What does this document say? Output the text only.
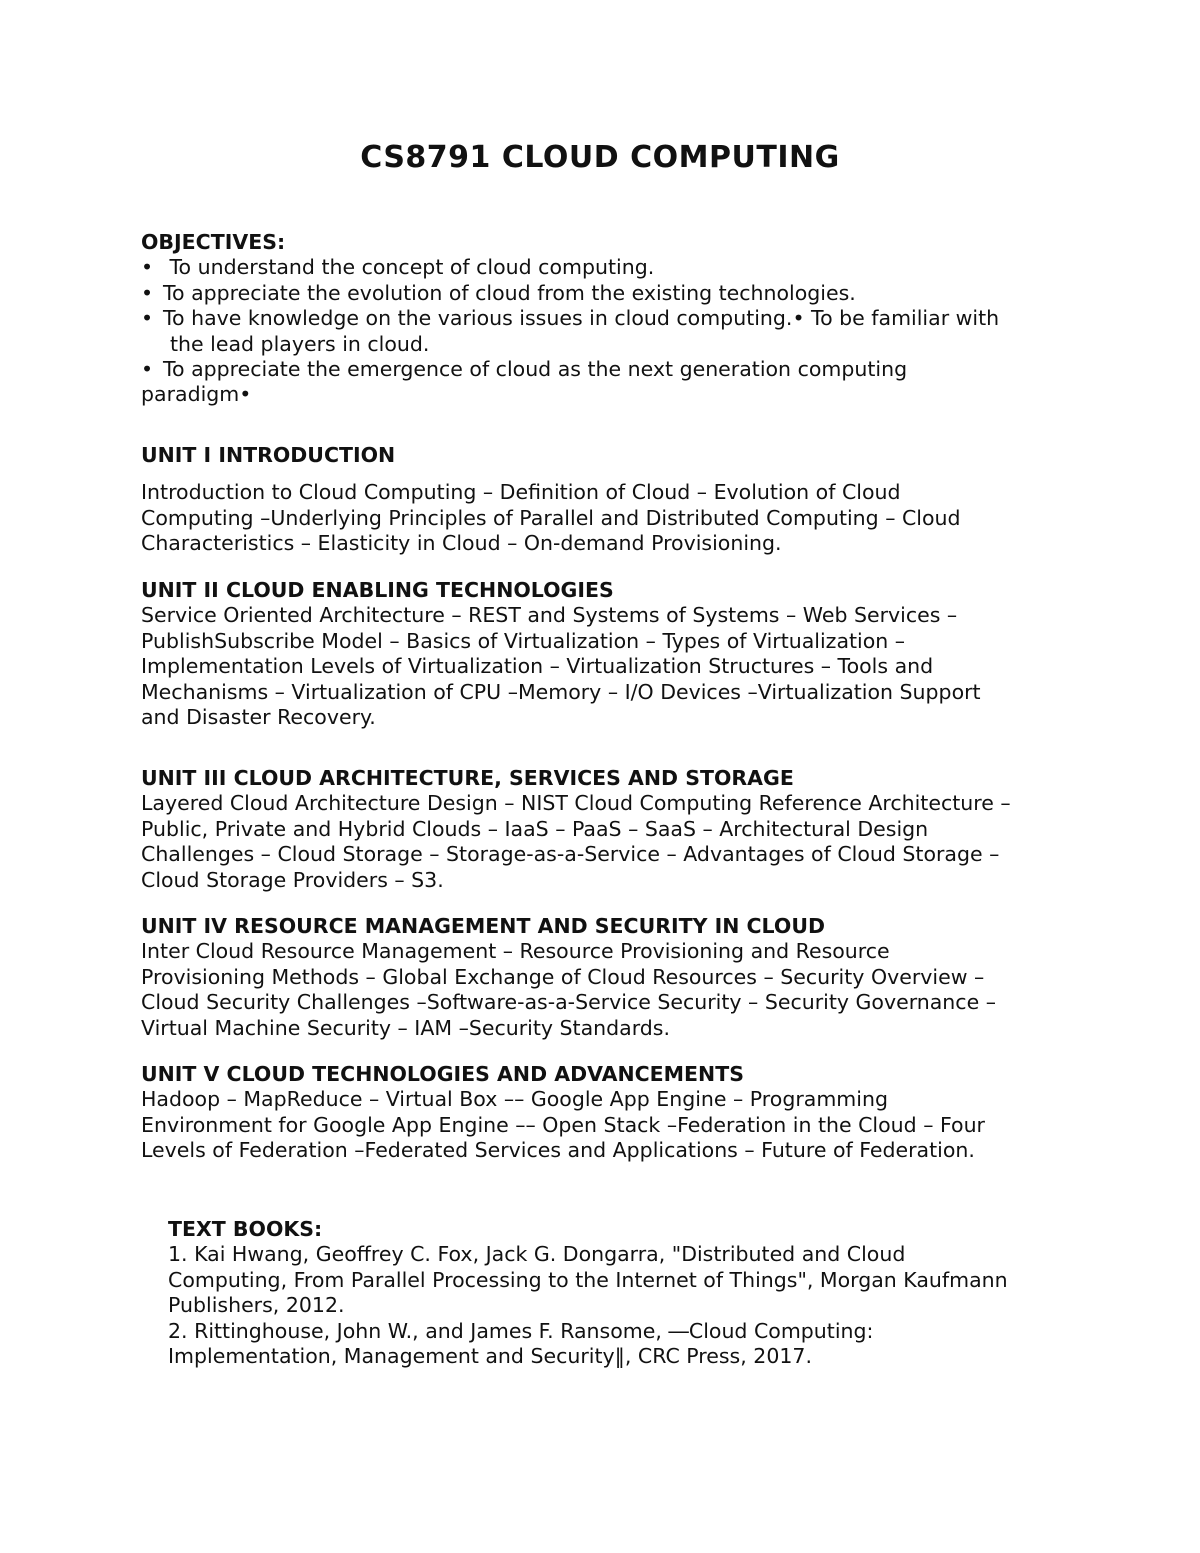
CS8791 CLOUD COMPUTING
OBJECTIVES:
• To understand the concept of cloud computing.
• To appreciate the evolution of cloud from the existing technologies.
• To have knowledge on the various issues in cloud computing.• To be familiar with
the lead players in cloud.
• To appreciate the emergence of cloud as the next generation computing
paradigm•
UNIT I INTRODUCTION
Introduction to Cloud Computing – Definition of Cloud – Evolution of Cloud
Computing –Underlying Principles of Parallel and Distributed Computing – Cloud
Characteristics – Elasticity in Cloud – On-demand Provisioning.
UNIT II CLOUD ENABLING TECHNOLOGIES
Service Oriented Architecture – REST and Systems of Systems – Web Services –
PublishSubscribe Model – Basics of Virtualization – Types of Virtualization –
Implementation Levels of Virtualization – Virtualization Structures – Tools and
Mechanisms – Virtualization of CPU –Memory – I/O Devices –Virtualization Support
and Disaster Recovery.
UNIT III CLOUD ARCHITECTURE, SERVICES AND STORAGE
Layered Cloud Architecture Design – NIST Cloud Computing Reference Architecture –
Public, Private and Hybrid Clouds – IaaS – PaaS – SaaS – Architectural Design
Challenges – Cloud Storage – Storage-as-a-Service – Advantages of Cloud Storage –
Cloud Storage Providers – S3.
UNIT IV RESOURCE MANAGEMENT AND SECURITY IN CLOUD
Inter Cloud Resource Management – Resource Provisioning and Resource
Provisioning Methods – Global Exchange of Cloud Resources – Security Overview –
Cloud Security Challenges –Software-as-a-Service Security – Security Governance –
Virtual Machine Security – IAM –Security Standards.
UNIT V CLOUD TECHNOLOGIES AND ADVANCEMENTS
Hadoop – MapReduce – Virtual Box –– Google App Engine – Programming
Environment for Google App Engine –– Open Stack –Federation in the Cloud – Four
Levels of Federation –Federated Services and Applications – Future of Federation.
TEXT BOOKS:
1. Kai Hwang, Geoffrey C. Fox, Jack G. Dongarra, "Distributed and Cloud
Computing, From Parallel Processing to the Internet of Things", Morgan Kaufmann
Publishers, 2012.
2. Rittinghouse, John W., and James F. Ransome, ―Cloud Computing:
Implementation, Management and Security‖, CRC Press, 2017.
